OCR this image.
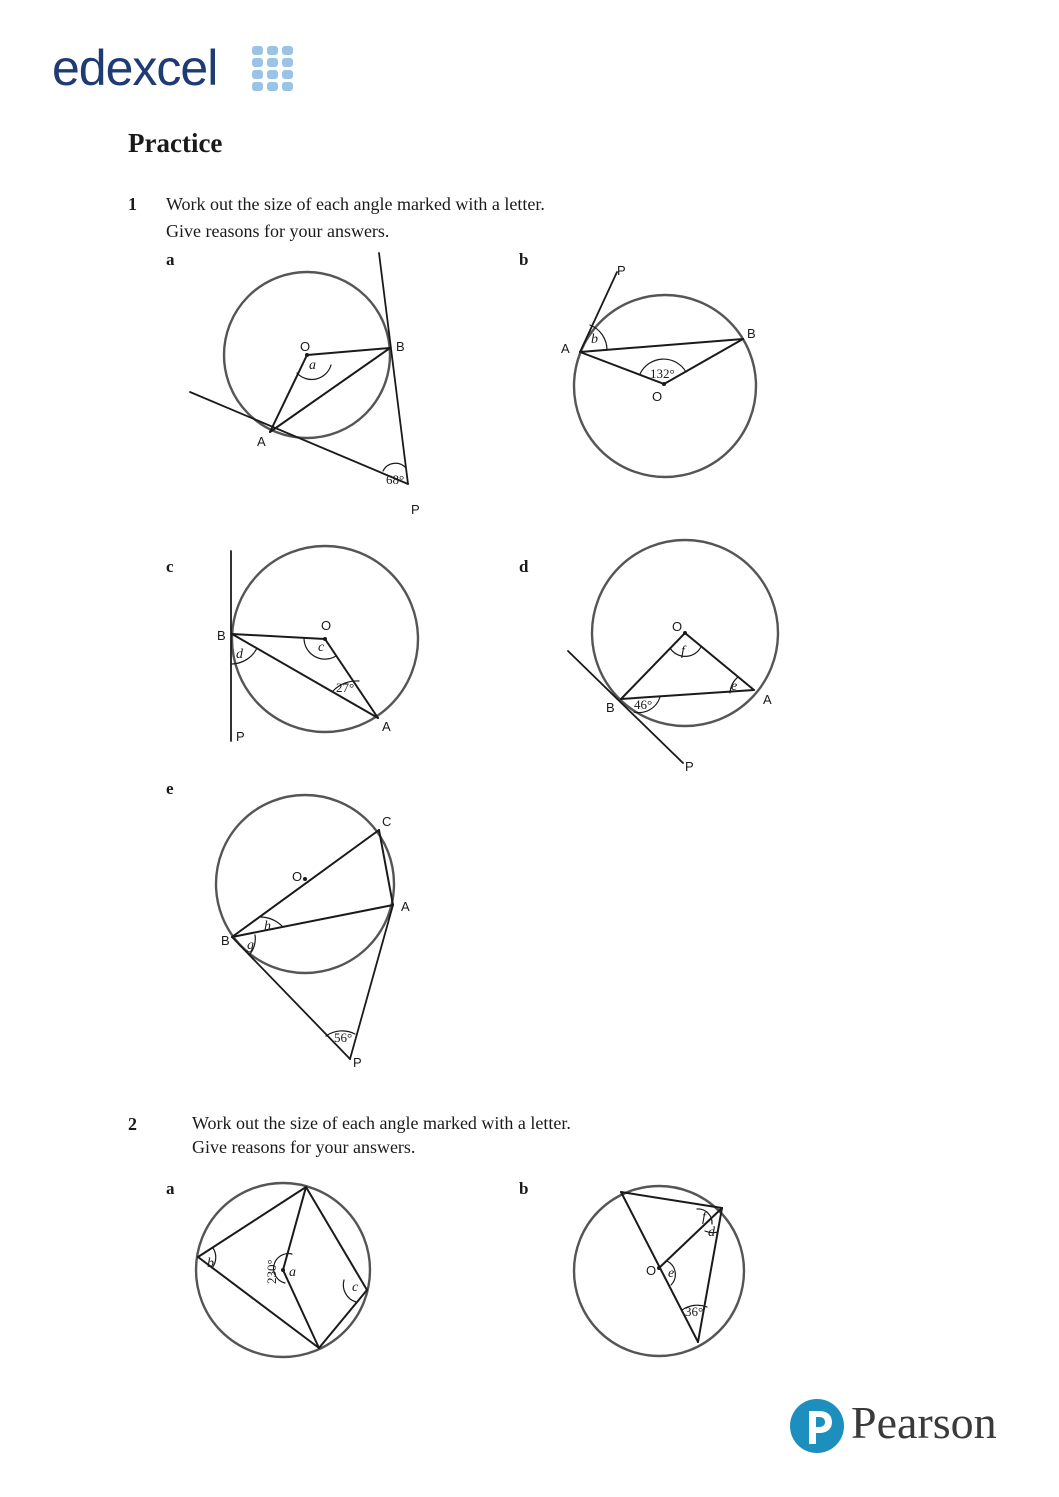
edexcel
Practice
1 Work out the size of each angle marked with a letter.
Give reasons for your answers.
a	b
c	d
e
2	Work out the size of each angle marked with a letter.
Give reasons for your answers.
a	b
O	B
A
P
68°
a
P
A
B
O
132°
b
B
O
A
P
27°
d	c
O
A
B
P
46°
f
e
C
O
A
B
P
56°
h
g
230°
b
a
c
O
36°
f
d
e
Pearson
